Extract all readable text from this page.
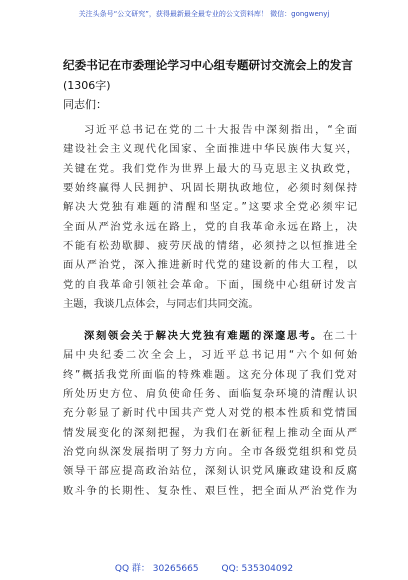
关注头条号“公文研究”，获得最新最全最专业的公文资料库！ 微信：gongwenyj
纪委书记在市委理论学习中心组专题研讨交流会上的发言
(1306字)
同志们：
习近平总书记在党的二十大报告中深刻指出，“全面
建设社会主义现代化国家、全面推进中华民族伟大复兴，
关键在党。我们党作为世界上最大的马克思主义执政党，
要始终赢得人民拥护、巩固长期执政地位，必须时刻保持
解决大党独有难题的清醒和坚定。”这要求全党必须牢记
全面从严治党永远在路上，党的自我革命永远在路上，决
不能有松劲歇脚、疲劳厌战的情绪，必须持之以恒推进全
面从严治党，深入推进新时代党的建设新的伟大工程，以
党的自我革命引领社会革命。下面，围绕中心组研讨发言
主题，我谈几点体会，与同志们共同交流。
深刻领会关于解决大党独有难题的深邃思考。在二十
届中央纪委二次全会上，习近平总书记用“六个如何始
终”概括我党所面临的特殊难题。这充分体现了我们党对
所处历史方位、肩负使命任务、面临复杂环境的清醒认识
充分彰显了新时代中国共产党人对党的根本性质和党情国
情发展变化的深刻把握，为我们在新征程上推动全面从严
治党向纵深发展指明了努力方向。全市各级党组织和党员
领导干部应提高政治站位，深刻认识党风廉政建设和反腐
败斗争的长期性、复杂性、艰巨性，把全面从严治党作为
QQ 群： 30265665	QQ: 535304092
